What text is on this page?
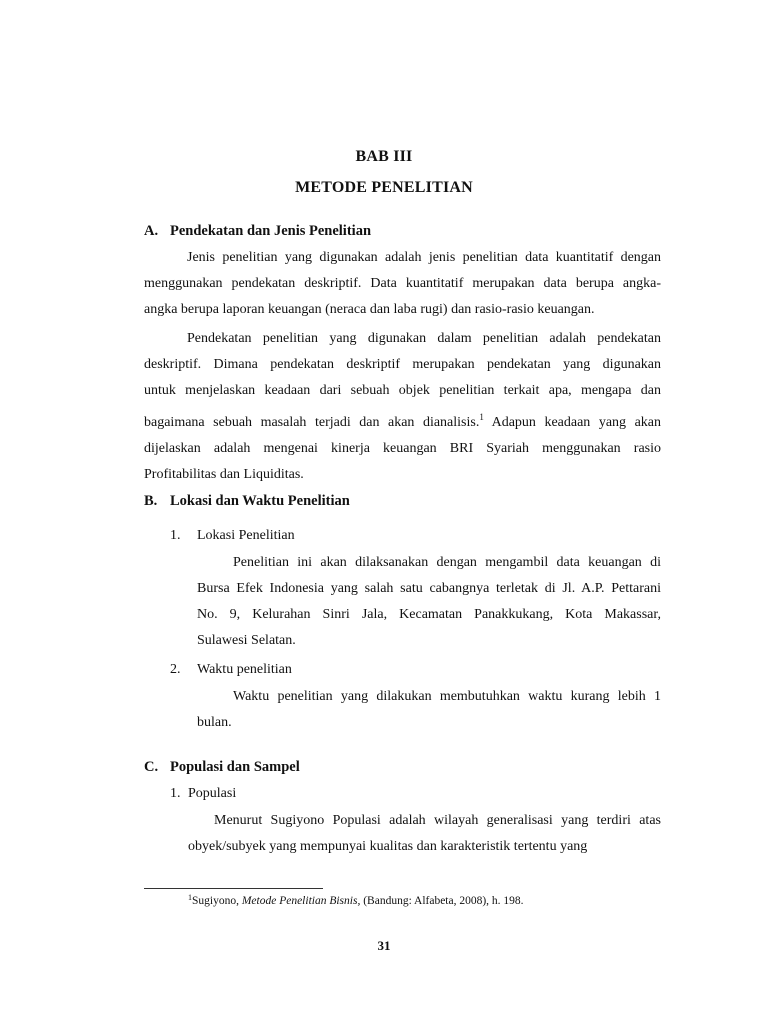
BAB III
METODE PENELITIAN
A. Pendekatan dan Jenis Penelitian
Jenis penelitian yang digunakan adalah jenis penelitian data kuantitatif dengan
menggunakan pendekatan deskriptif. Data kuantitatif merupakan data berupa angka-
angka berupa laporan keuangan (neraca dan laba rugi) dan rasio-rasio keuangan.
Pendekatan penelitian yang digunakan dalam penelitian adalah pendekatan
deskriptif. Dimana pendekatan deskriptif merupakan pendekatan yang digunakan
untuk menjelaskan keadaan dari sebuah objek penelitian terkait apa, mengapa dan
bagaimana sebuah masalah terjadi dan akan dianalisis.$^1$ Adapun keadaan yang akan
dijelaskan adalah mengenai kinerja keuangan BRI Syariah menggunakan rasio
Profitabilitas dan Liquiditas.
B. Lokasi dan Waktu Penelitian
1. Lokasi Penelitian
Penelitian ini akan dilaksanakan dengan mengambil data keuangan di
Bursa Efek Indonesia yang salah satu cabangnya terletak di Jl. A.P. Pettarani
No. 9, Kelurahan Sinri Jala, Kecamatan Panakkukang, Kota Makassar,
Sulawesi Selatan.
2. Waktu penelitian
Waktu penelitian yang dilakukan membutuhkan waktu kurang lebih 1
bulan.
C. Populasi dan Sampel
1. Populasi
Menurut Sugiyono Populasi adalah wilayah generalisasi yang terdiri atas
obyek/subyek yang mempunyai kualitas dan karakteristik tertentu yang
$^1$Sugiyono, Metode Penelitian Bisnis, (Bandung: Alfabeta, 2008), h. 198.
31
